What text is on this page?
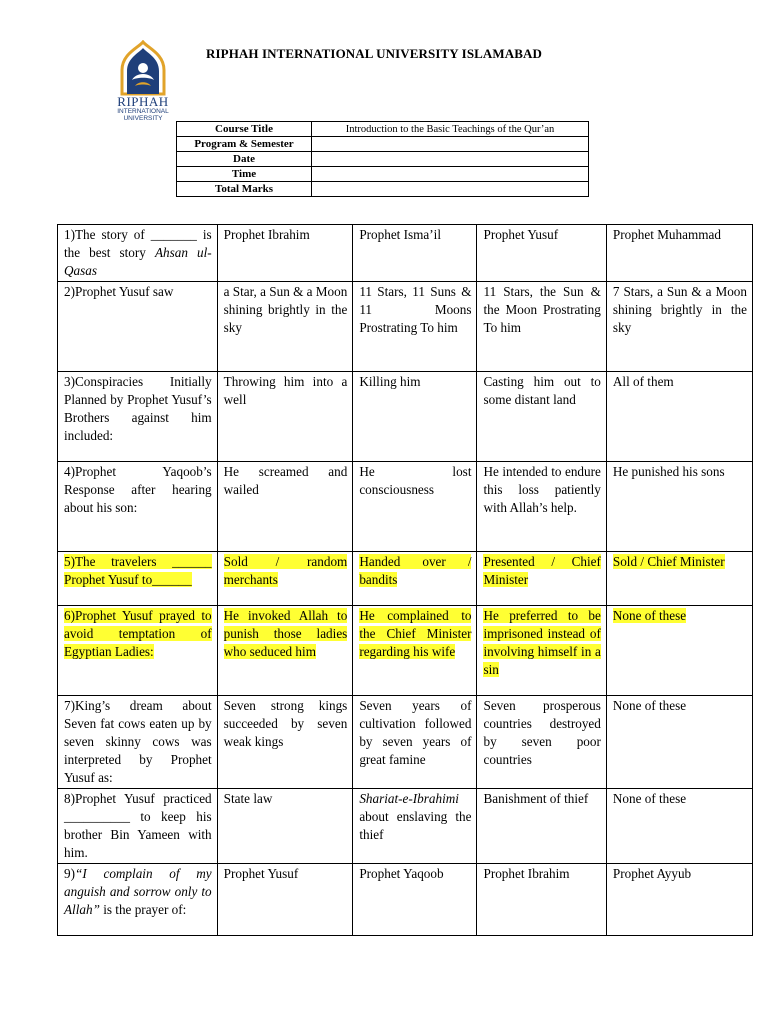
RIPHAH
INTERNATIONAL UNIVERSITY
RIPHAH INTERNATIONAL UNIVERSITY ISLAMABAD
Course Title	Introduction to the Basic Teachings of the Qur’an
Program & Semester	
Date	
Time	
Total Marks	
1)The story of _______ is the best story Ahsan ul-Qasas	Prophet Ibrahim	Prophet Isma’il	Prophet Yusuf	Prophet Muhammad
2)Prophet Yusuf saw	a Star, a Sun & a Moon shining brightly in the sky	11 Stars, 11 Suns & 11 Moons Prostrating To him	11 Stars, the Sun & the Moon Prostrating To him	7 Stars, a Sun & a Moon shining brightly in the sky
3)Conspiracies Initially Planned by Prophet Yusuf’s Brothers against him included:	Throwing him into a well	Killing him	Casting him out to some distant land	All of them
4)Prophet Yaqoob’s Response after hearing about his son:	He screamed and wailed	He lost consciousness	He intended to endure this loss patiently with Allah’s help.	He punished his sons
5)The travelers ______ Prophet Yusuf to______	Sold / random merchants	Handed over / bandits	Presented / Chief Minister	Sold / Chief Minister
6)Prophet Yusuf prayed to avoid temptation of Egyptian Ladies:	He invoked Allah to punish those ladies who seduced him	He complained to the Chief Minister regarding his wife	He preferred to be imprisoned instead of involving himself in a sin	None of these
7)King’s dream about Seven fat cows eaten up by seven skinny cows was interpreted by Prophet Yusuf as:	Seven strong kings succeeded by seven weak kings	Seven years of cultivation followed by seven years of great famine	Seven prosperous countries destroyed by seven poor countries	None of these
8)Prophet Yusuf practiced __________ to keep his brother Bin Yameen with him.	State law	Shariat-e-Ibrahimi about enslaving the thief	Banishment of thief	None of these
9)“I complain of my anguish and sorrow only to Allah” is the prayer of:	Prophet Yusuf	Prophet Yaqoob	Prophet Ibrahim	Prophet Ayyub
